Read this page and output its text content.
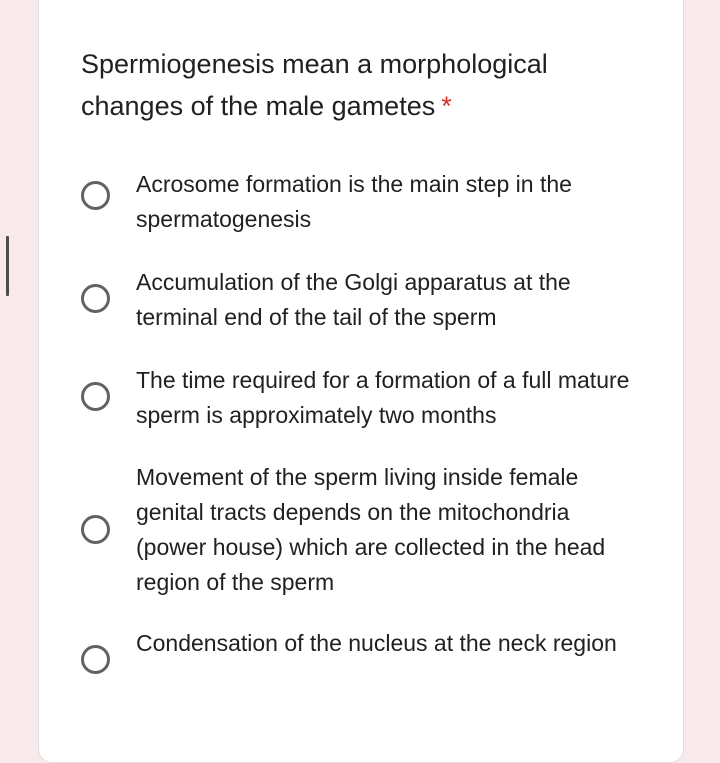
Spermiogenesis mean a morphological changes of the male gametes *
Acrosome formation is the main step in the spermatogenesis
Accumulation of the Golgi apparatus at the terminal end of the tail of the sperm
The time required for a formation of a full mature sperm is approximately two months
Movement of the sperm living inside female genital tracts depends on the mitochondria (power house) which are collected in the head region of the sperm
Condensation of the nucleus at the neck region
